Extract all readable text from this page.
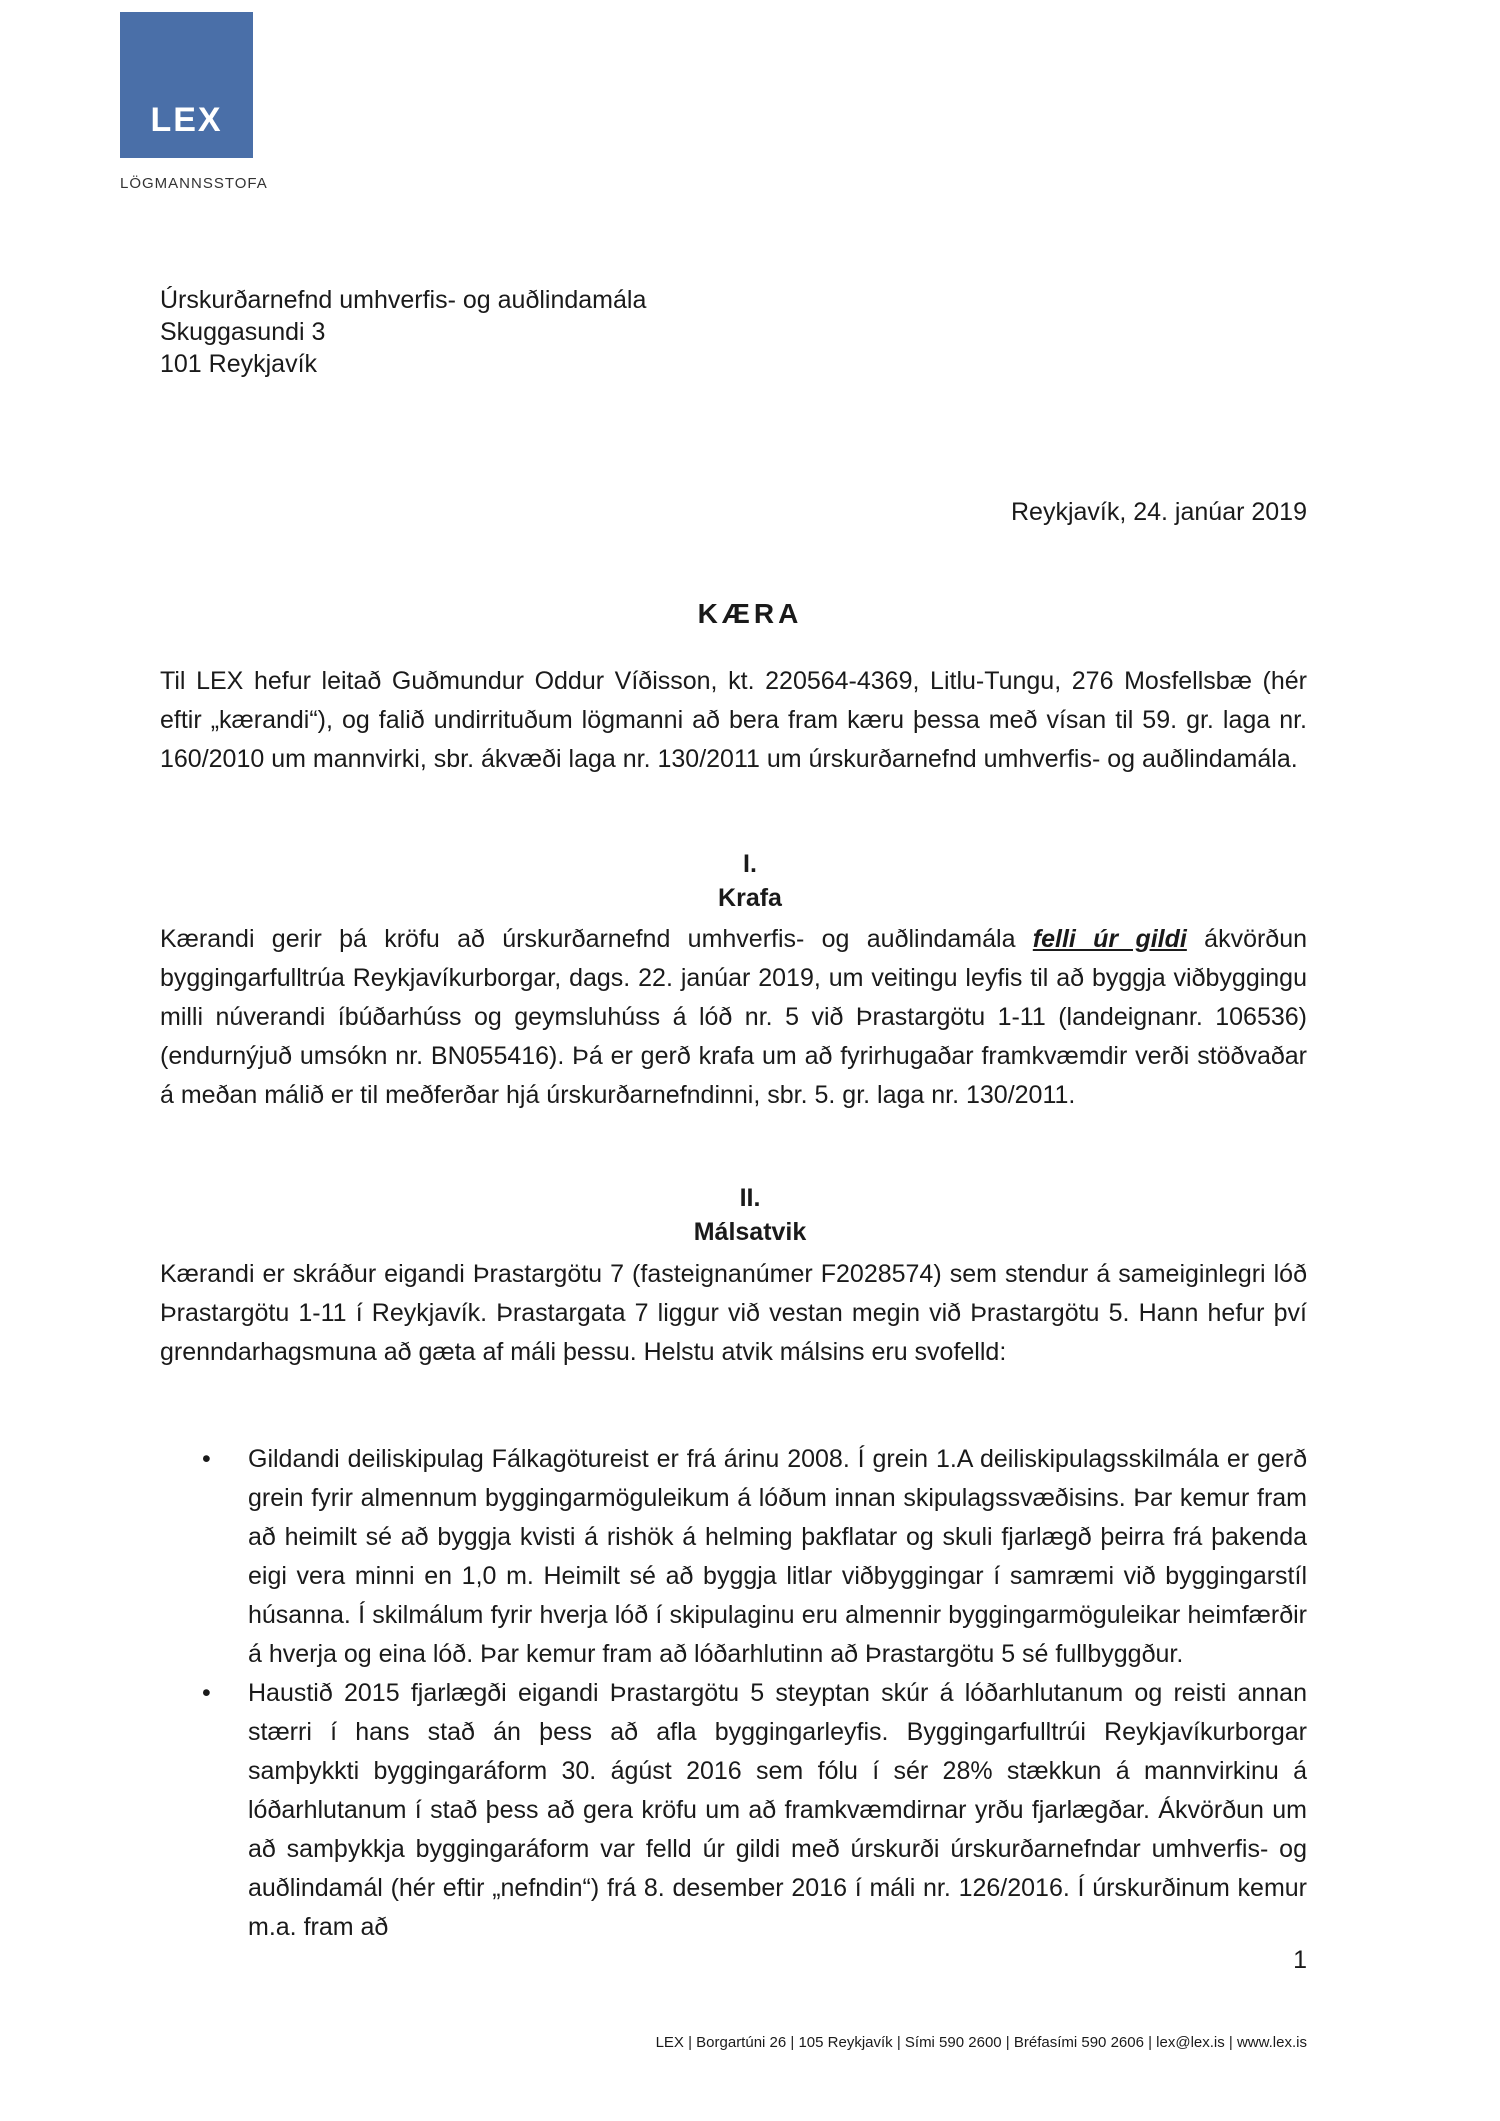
LEX
LÖGMANNSSTOFA
Úrskurðarnefnd umhverfis- og auðlindamála
Skuggasundi 3
101 Reykjavík
Reykjavík, 24. janúar 2019
KÆRA
Til LEX hefur leitað Guðmundur Oddur Víðisson, kt. 220564-4369, Litlu-Tungu, 276 Mosfellsbæ (hér eftir „kærandi“), og falið undirrituðum lögmanni að bera fram kæru þessa með vísan til 59. gr. laga nr. 160/2010 um mannvirki, sbr. ákvæði laga nr. 130/2011 um úrskurðarnefnd umhverfis- og auðlindamála.
I.
Krafa
Kærandi gerir þá kröfu að úrskurðarnefnd umhverfis- og auðlindamála felli úr gildi ákvörðun byggingarfulltrúa Reykjavíkurborgar, dags. 22. janúar 2019, um veitingu leyfis til að byggja viðbyggingu milli núverandi íbúðarhúss og geymsluhúss á lóð nr. 5 við Þrastargötu 1-11 (landeignanr. 106536) (endurnýjuð umsókn nr. BN055416). Þá er gerð krafa um að fyrirhugaðar framkvæmdir verði stöðvaðar á meðan málið er til meðferðar hjá úrskurðarnefndinni, sbr. 5. gr. laga nr. 130/2011.
II.
Málsatvik
Kærandi er skráður eigandi Þrastargötu 7 (fasteignanúmer F2028574) sem stendur á sameiginlegri lóð Þrastargötu 1-11 í Reykjavík. Þrastargata 7 liggur við vestan megin við Þrastargötu 5. Hann hefur því grenndarhagsmuna að gæta af máli þessu. Helstu atvik málsins eru svofelld:
• Gildandi deiliskipulag Fálkagötureist er frá árinu 2008. Í grein 1.A deiliskipulagsskilmála er gerð grein fyrir almennum byggingarmöguleikum á lóðum innan skipulagssvæðisins. Þar kemur fram að heimilt sé að byggja kvisti á rishök á helming þakflatar og skuli fjarlægð þeirra frá þakenda eigi vera minni en 1,0 m. Heimilt sé að byggja litlar viðbyggingar í samræmi við byggingarstíl húsanna. Í skilmálum fyrir hverja lóð í skipulaginu eru almennir byggingarmöguleikar heimfærðir á hverja og eina lóð. Þar kemur fram að lóðarhlutinn að Þrastargötu 5 sé fullbyggður.
• Haustið 2015 fjarlægði eigandi Þrastargötu 5 steyptan skúr á lóðarhlutanum og reisti annan stærri í hans stað án þess að afla byggingarleyfis. Byggingarfulltrúi Reykjavíkurborgar samþykkti byggingaráform 30. ágúst 2016 sem fólu í sér 28% stækkun á mannvirkinu á lóðarhlutanum í stað þess að gera kröfu um að framkvæmdirnar yrðu fjarlægðar. Ákvörðun um að samþykkja byggingaráform var felld úr gildi með úrskurði úrskurðarnefndar umhverfis- og auðlindamál (hér eftir „nefndin“) frá 8. desember 2016 í máli nr. 126/2016. Í úrskurðinum kemur m.a. fram að
1
LEX | Borgartúni 26 | 105 Reykjavík | Sími 590 2600 | Bréfasími 590 2606 | lex@lex.is | www.lex.is
